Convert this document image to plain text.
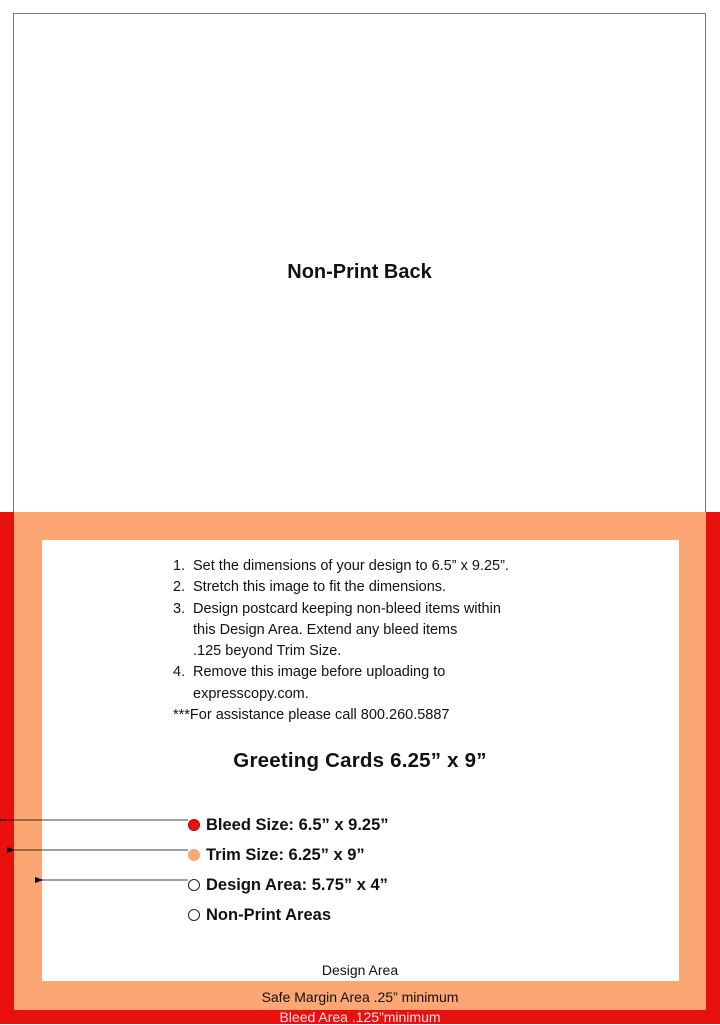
Non-Print Back
1. Set the dimensions of your design to 6.5” x 9.25”.
2. Stretch this image to fit the dimensions.
3. Design postcard keeping non-bleed items within
this Design Area. Extend any bleed items
.125 beyond Trim Size.
4. Remove this image before uploading to
expresscopy.com.
***For assistance please call 800.260.5887
Greeting Cards 6.25” x 9”
Bleed Size: 6.5” x 9.25”
Trim Size: 6.25” x 9”
Design Area: 5.75” x 4”
Non-Print Areas
Design Area
Safe Margin Area .25” minimum
Bleed Area .125”minimum
